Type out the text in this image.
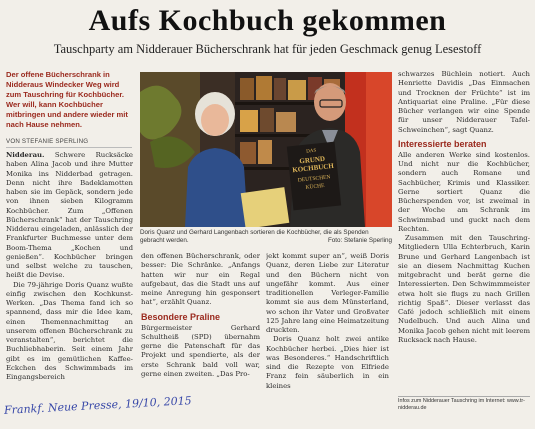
Aufs Kochbuch gekommen
Tauschparty am Nidderauer Bücherschrank hat für jeden Geschmack genug Lesestoff
Der offene Bücherschrank in Nidderaus Windecker Weg wird zum Tauschring für Kochbücher. Wer will, kann Kochbücher mitbringen und andere wieder mit nach Hause nehmen.
VON STEFANIE SPERLING
DAS
GRUND
KOCHBUCH
DEUTSCHEN
KÜCHE
Doris Quanz und Gerhard Langenbach sortieren die Kochbücher, die als Spenden gebracht werden.	Foto: Stefanie Sperling

Nidderau. Schwere Rucksäcke haben Alina Jacob und ihre Mutter Monika ins Nidderbad getragen. Denn nicht ihre Badeklamotten haben sie im Gepäck, sondern jede von ihnen sieben Kilogramm Kochbücher. Zum „Offenen Bücherschrank“ hat der Tauschring Nidderau eingeladen, anlässlich der Frankfurter Buchmesse unter dem Boom-Thema „Kochen und genießen“. Kochbücher bringen und selbst welche zu tauschen, heißt die Devise.

Die 79-jährige Doris Quanz wußte einfig zwischen den Kochkunst-Werken. „Das Thema fand ich so spannend, dass mir die Idee kam, einen Themennachmittag an unserem offenen Bücherschrank zu veranstalten“, berichtet die Buchliebhaberin. Seit einem Jahr gibt es im gemütlichen Kaffee-Eckchen des Schwimmbads im Eingangsbereich

den offenen Bücherschrank, oder besser: Die Schränke. „Anfangs hatten wir nur ein Regal aufgebaut, das die Stadt uns auf meine Anregung hin gesponsert hat“, erzählt Quanz.

Besondere Praline

Bürgermeister Gerhard Schultheiß (SPD) übernahm gerne die Patenschaft für das Projekt und spendierte, als der erste Schrank bald voll war, gerne einen zweiten. „Das Pro-

jekt kommt super an“, weiß Doris Quanz, deren Liebe zur Literatur und den Büchern nicht von ungefähr kommt. Aus einer traditionellen Verleger-Familie kommt sie aus dem Münsterland, wo schon ihr Vater und Großvater 125 Jahre lang eine Heimatzeitung druckten.

Doris Quanz holt zwei antike Kochbücher herbei. „Dies hier ist was Besonderes.“ Handschriftlich sind die Rezepte von Elfriede Franz fein säuberlich in ein kleines

schwarzes Büchlein notiert. Auch Henriette Davidis „Das Einmachen und Trocknen der Früchte“ ist im Antiquariat eine Praline. „Für diese Bücher verlangen wir eine Spende für unser Nidderauer Tafel-Schweinchen“, sagt Quanz.

Interessierte beraten

Alle anderen Werke sind kostenlos. Und nicht nur die Kochbücher, sondern auch Romane und Sachbücher, Krimis und Klassiker. Gerne sortiert Quanz die Bücherspenden vor, ist zweimal in der Woche am Schrank im Schwimmbad und guckt nach dem Rechten.

Zusammen mit den Tauschring-Mitgliedern Ulla Echterbruch, Karin Brune und Gerhard Langenbach ist sie an diesem Nachmittag Kuchen mitgebracht und berät gerne die Interessierten. Den Schwimmmeister etwa holt sie flugs zu nach Grillen richtig Spaß“. Dieser verlasst das Café jedoch schließlich mit einem Nudelbuch. Und auch Alina und Monika Jacob gehen nicht mit leerem Rucksack nach Hause.

Infos zum Nidderauer Tauschring im Internet: www.tr-nidderau.de
Frankf. Neue Presse, 19/10, 2015
